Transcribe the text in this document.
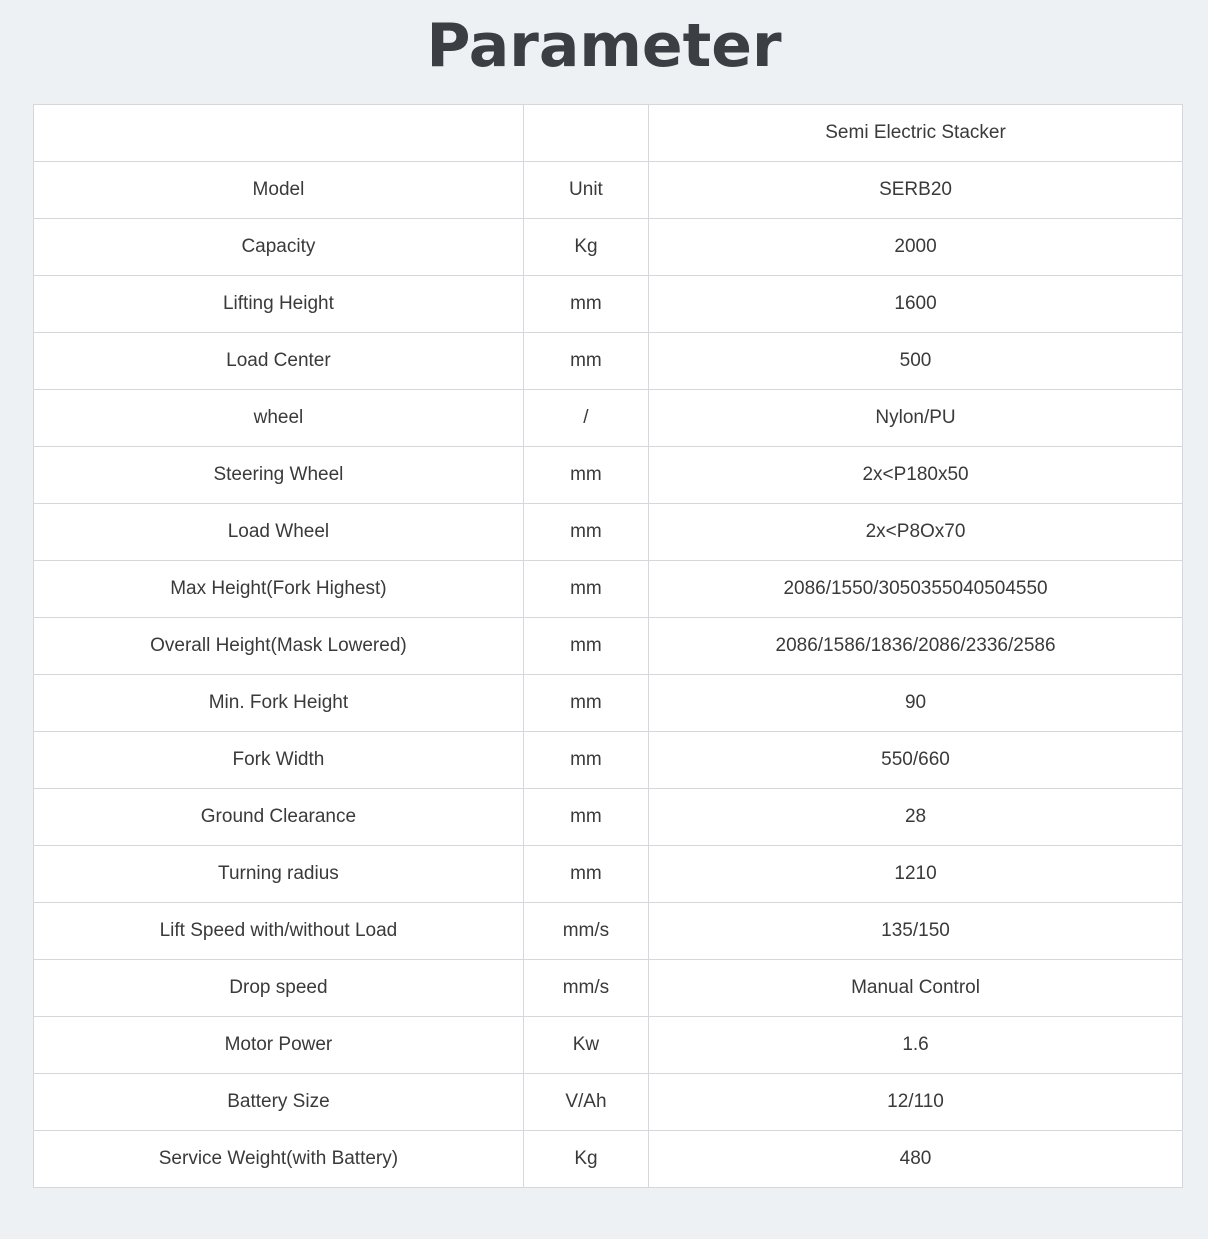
Parameter
		Semi Electric Stacker
Model	Unit	SERB20
Capacity	Kg	2000
Lifting Height	mm	1600
Load Center	mm	500
wheel	/	Nylon/PU
Steering Wheel	mm	2x<P180x50
Load Wheel	mm	2x<P8Ox70
Max Height(Fork Highest)	mm	2086/1550/3050355040504550
Overall Height(Mask Lowered)	mm	2086/1586/1836/2086/2336/2586
Min. Fork Height	mm	90
Fork Width	mm	550/660
Ground Clearance	mm	28
Turning radius	mm	1210
Lift Speed with/without Load	mm/s	135/150
Drop speed	mm/s	Manual Control
Motor Power	Kw	1.6
Battery Size	V/Ah	12/110
Service Weight(with Battery)	Kg	480
